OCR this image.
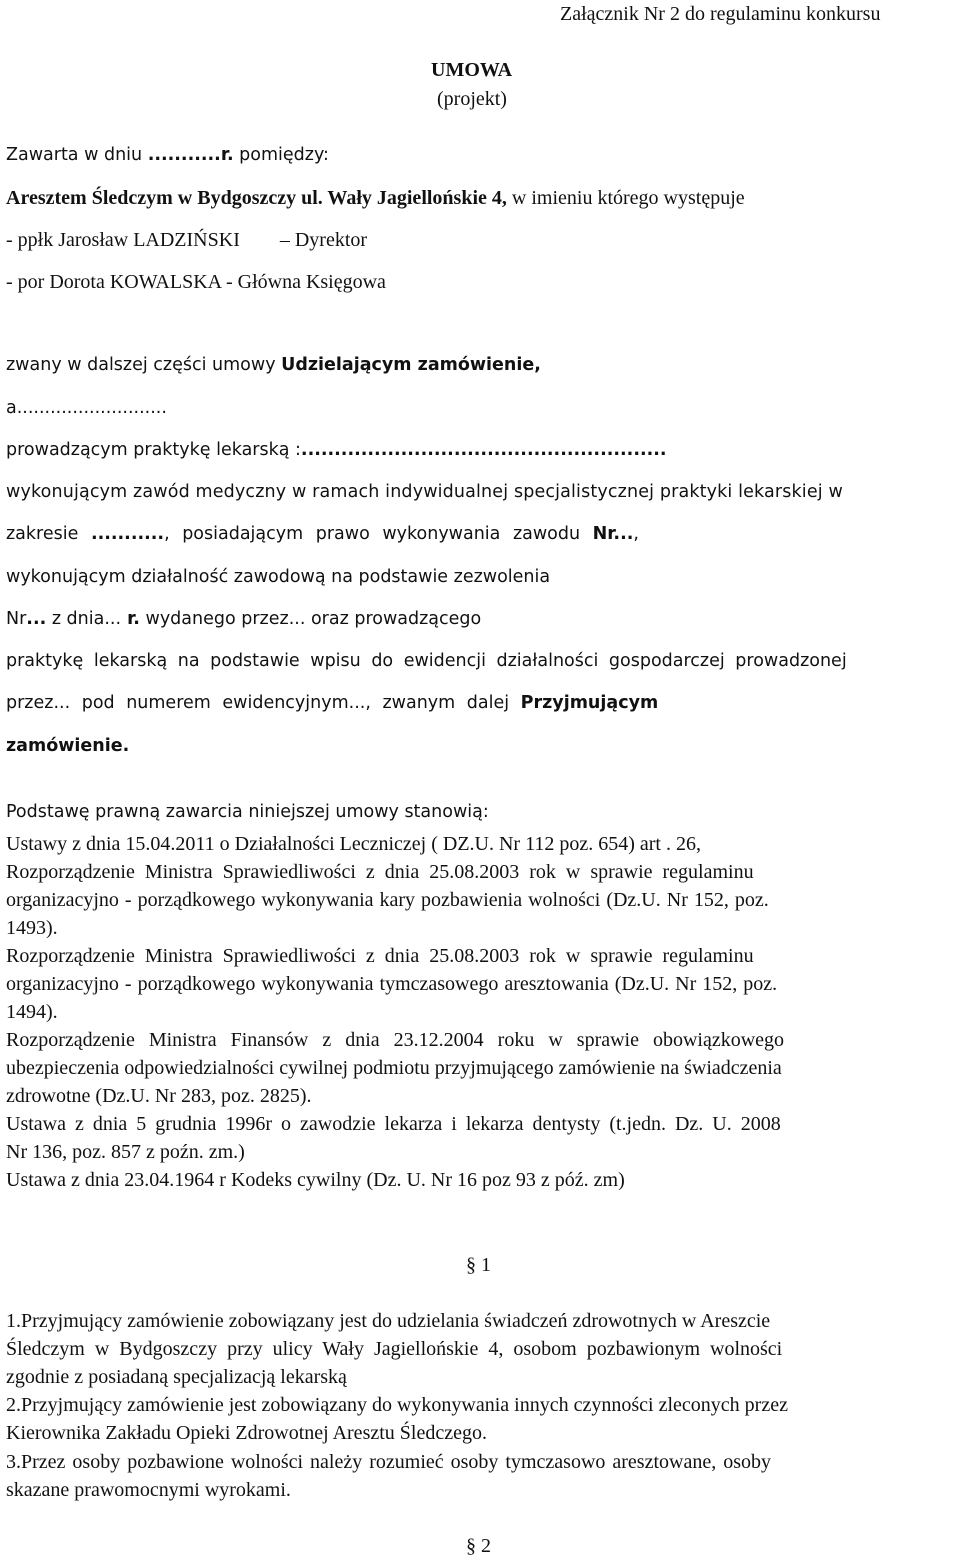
Załącznik Nr 2 do regulaminu konkursu
UMOWA
(projekt)
Zawarta w dniu ...........r. pomiędzy:
Aresztem Śledczym w Bydgoszczy ul. Wały Jagiellońskie 4, w imieniu którego występuje
- ppłk Jarosław LADZIŃSKI – Dyrektor
- por Dorota KOWALSKA - Główna Księgowa
zwany w dalszej części umowy Udzielającym zamówienie,
a...........................
prowadzącym praktykę lekarską :.......................................................
wykonującym zawód medyczny w ramach indywidualnej specjalistycznej praktyki lekarskiej w
zakresie ..........., posiadającym prawo wykonywania zawodu Nr...,
wykonującym działalność zawodową na podstawie zezwolenia
Nr... z dnia... r. wydanego przez... oraz prowadzącego
praktykę lekarską na podstawie wpisu do ewidencji działalności gospodarczej prowadzonej
przez... pod numerem ewidencyjnym..., zwanym dalej Przyjmującym
zamówienie.
Podstawę prawną zawarcia niniejszej umowy stanowią:
Ustawy z dnia 15.04.2011 o Działalności Leczniczej ( DZ.U. Nr 112 poz. 654) art . 26,
Rozporządzenie Ministra Sprawiedliwości z dnia 25.08.2003 rok w sprawie regulaminu
organizacyjno - porządkowego wykonywania kary pozbawienia wolności (Dz.U. Nr 152, poz.
1493).
Rozporządzenie Ministra Sprawiedliwości z dnia 25.08.2003 rok w sprawie regulaminu
organizacyjno - porządkowego wykonywania tymczasowego aresztowania (Dz.U. Nr 152, poz.
1494).
Rozporządzenie Ministra Finansów z dnia 23.12.2004 roku w sprawie obowiązkowego
ubezpieczenia odpowiedzialności cywilnej podmiotu przyjmującego zamówienie na świadczenia
zdrowotne (Dz.U. Nr 283, poz. 2825).
Ustawa z dnia 5 grudnia 1996r o zawodzie lekarza i lekarza dentysty (t.jedn. Dz. U. 2008
Nr 136, poz. 857 z poźn. zm.)
Ustawa z dnia 23.04.1964 r Kodeks cywilny (Dz. U. Nr 16 poz 93 z póź. zm)
§ 1
1.Przyjmujący zamówienie zobowiązany jest do udzielania świadczeń zdrowotnych w Areszcie
Śledczym w Bydgoszczy przy ulicy Wały Jagiellońskie 4, osobom pozbawionym wolności
zgodnie z posiadaną specjalizacją lekarską
2.Przyjmujący zamówienie jest zobowiązany do wykonywania innych czynności zleconych przez
Kierownika Zakładu Opieki Zdrowotnej Aresztu Śledczego.
3.Przez osoby pozbawione wolności należy rozumieć osoby tymczasowo aresztowane, osoby
skazane prawomocnymi wyrokami.
§ 2
